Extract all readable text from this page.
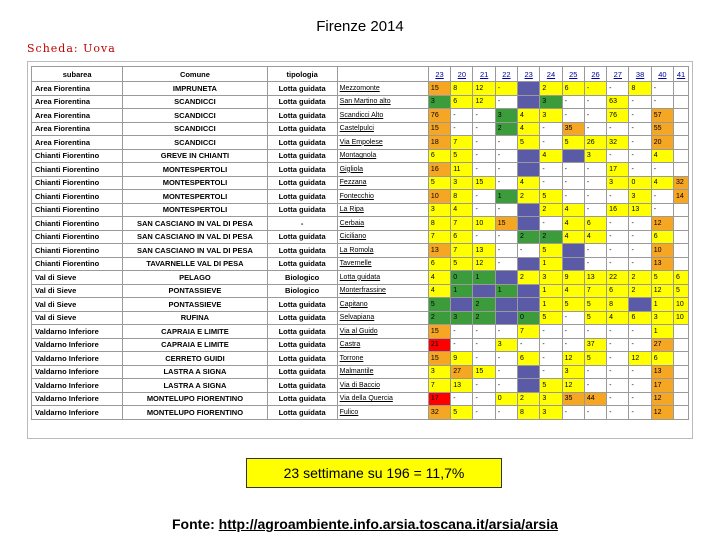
Firenze 2014
Scheda: Uova
subarea	Comune	tipologia		23	20	21	22	23	24	25	26	27	38	40	41
Area Fiorentina	IMPRUNETA	Lotta guidata	Mezzomonte	15	8	12	-		2	6	-	-	8	-	
Area Fiorentina	SCANDICCI	Lotta guidata	San Martino alto	3	6	12	-		3	-	-	63	-	-	
Area Fiorentina	SCANDICCI	Lotta guidata	Scandicci Alto	76	-	-	3	4	3	-	-	76	-	57	
Area Fiorentina	SCANDICCI	Lotta guidata	Castelpulci	15	-	-	2	4	-	35	-	-	-	55	
Area Fiorentina	SCANDICCI	Lotta guidata	Via Empolese	18	7	-	-	5	-	5	26	32	-	20	
Chianti Fiorentino	GREVE IN CHIANTI	Lotta guidata	Montagnola	6	5	-	-		4		3	-	-	4	
Chianti Fiorentino	MONTESPERTOLI	Lotta guidata	Gigliola	16	11	-	-		-	-	-	17	-	-	
Chianti Fiorentino	MONTESPERTOLI	Lotta guidata	Fezzana	5	3	15	-	4	-	-	-	3	0	4	32
Chianti Fiorentino	MONTESPERTOLI	Lotta guidata	Fontecchio	10	8	-	1	2	5	-	-	-	3	-	14
Chianti Fiorentino	MONTESPERTOLI	Lotta guidata	La Ripa	3	4	-	-		2	4	-	16	13	-	
Chianti Fiorentino	SAN CASCIANO IN VAL DI PESA	-	Cerbaia	8	7	10	15		-	4	6	-	-	12	
Chianti Fiorentino	SAN CASCIANO IN VAL DI PESA	Lotta guidata	Ciciliano	7	6	-	-	2	2	4	4	-	-	6	
Chianti Fiorentino	SAN CASCIANO IN VAL DI PESA	Lotta guidata	La Romola	13	7	13	-	-	5		-	-	-	10	
Chianti Fiorentino	TAVARNELLE VAL DI PESA	Lotta guidata	Tavernelle	6	5	12	-		1		-	-	-	13	
Val di Sieve	PELAGO	Biologico	Lotta guidata	4	0	1		2	3	9	13	22	2	5	6
Val di Sieve	PONTASSIEVE	Biologico	Monterfrassine	4	1		1		1	4	7	6	2	12	5
Val di Sieve	PONTASSIEVE	Lotta guidata	Capitano	5		2			1	5	5	8		1	10
Val di Sieve	RUFINA	Lotta guidata	Selvapiana	2	3	2		0	5	-	5	4	6	3	10
Valdarno Inferiore	CAPRAIA E LIMITE	Lotta guidata	Via al Guido	15	-	-	-	7	-	-	-	-	-	1	
Valdarno Inferiore	CAPRAIA E LIMITE	Lotta guidata	Castra	21	-	-	3	-	-	-	37	-	-	27	
Valdarno Inferiore	CERRETO GUIDI	Lotta guidata	Torrone	15	9	-	-	6	-	12	5	-	12	6	
Valdarno Inferiore	LASTRA A SIGNA	Lotta guidata	Malmantile	3	27	15	-		-	3	-	-	-	13	
Valdarno Inferiore	LASTRA A SIGNA	Lotta guidata	Via di Baccio	7	13	-	-		5	12	-	-	-	17	
Valdarno Inferiore	MONTELUPO FIORENTINO	Lotta guidata	Via della Quercia	17	-	-	0	2	3	35	44	-	-	12	
Valdarno Inferiore	MONTELUPO FIORENTINO	Lotta guidata	Fulico	32	5	-	-	8	3	-	-	-	-	12	
23 settimane su 196 = 11,7%
Fonte: http://agroambiente.info.arsia.toscana.it/arsia/arsia
